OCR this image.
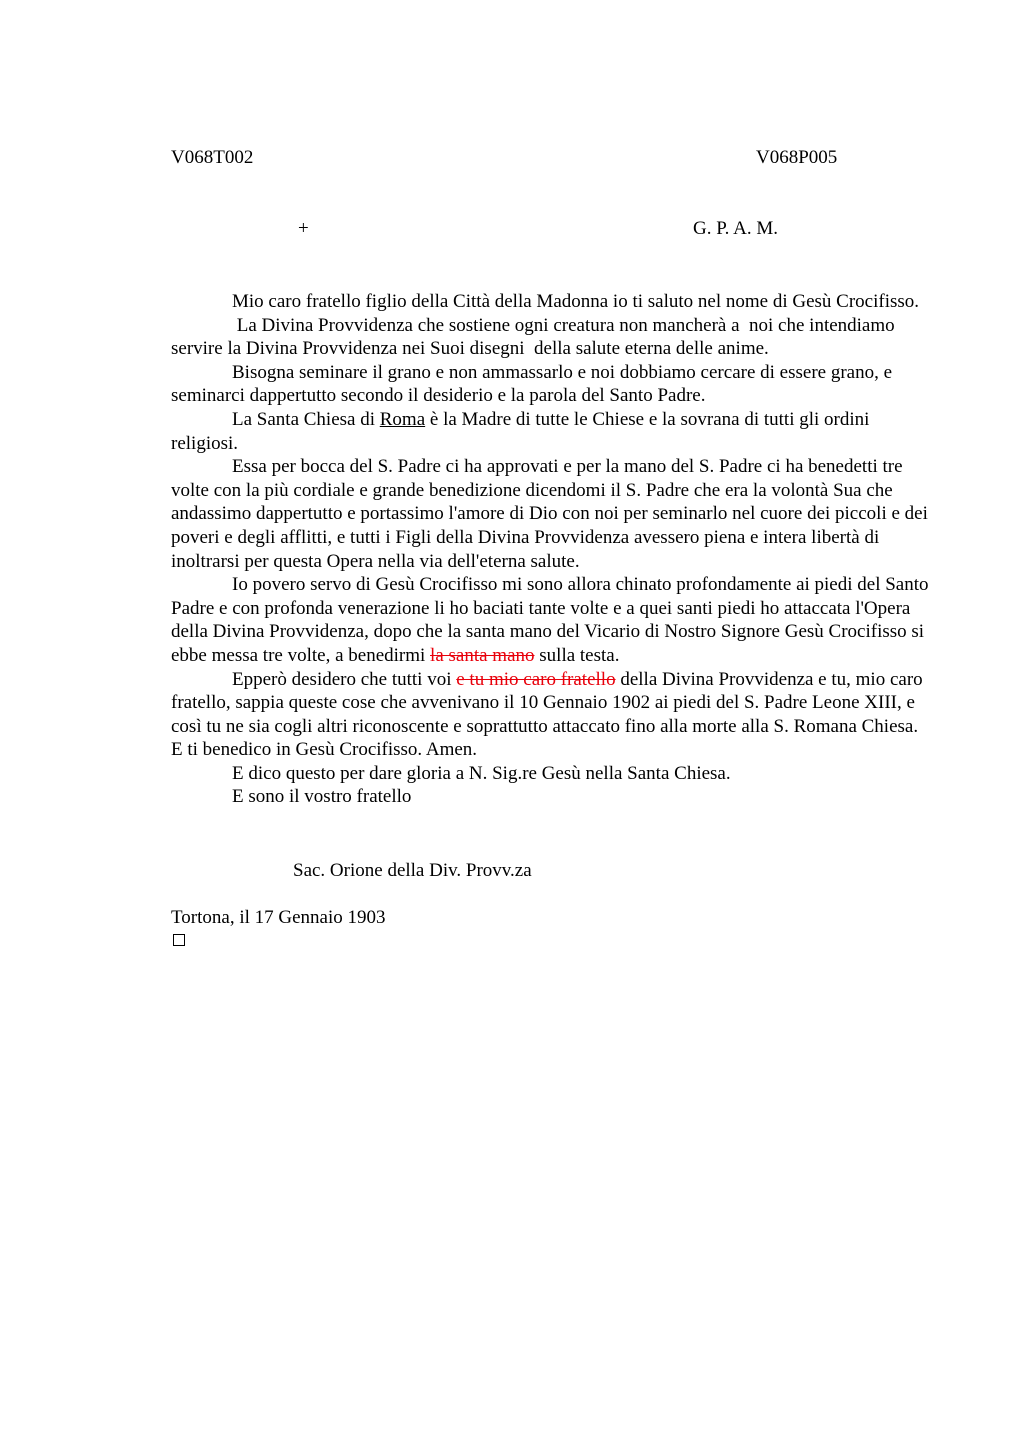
V068T002	V068P005
+	G. P. A. M.

Mio caro fratello figlio della Città della Madonna io ti saluto nel nome di Gesù Crocifisso.

La Divina Provvidenza che sostiene ogni creatura non mancherà a  noi che intendiamo servire la Divina Provvidenza nei Suoi disegni  della salute eterna delle anime.

Bisogna seminare il grano e non ammassarlo e noi dobbiamo cercare di essere grano, e seminarci dappertutto secondo il desiderio e la parola del Santo Padre.

La Santa Chiesa di Roma è la Madre di tutte le Chiese e la sovrana di tutti gli ordini religiosi.

Essa per bocca del S. Padre ci ha approvati e per la mano del S. Padre ci ha benedetti tre volte con la più cordiale e grande benedizione dicendomi il S. Padre che era la volontà Sua che andassimo dappertutto e portassimo l'amore di Dio con noi per seminarlo nel cuore dei piccoli e dei poveri e degli afflitti, e tutti i Figli della Divina Provvidenza avessero piena e intera libertà di inoltrarsi per questa Opera nella via dell'eterna salute.

Io povero servo di Gesù Crocifisso mi sono allora chinato profondamente ai piedi del Santo Padre e con profonda venerazione li ho baciati tante volte e a quei santi piedi ho attaccata l'Opera della Divina Provvidenza, dopo che la santa mano del Vicario di Nostro Signore Gesù Crocifisso si ebbe messa tre volte, a benedirmi la santa mano sulla testa.

Epperò desidero che tutti voi e tu mio caro fratello della Divina Provvidenza e tu, mio caro fratello, sappia queste cose che avvenivano il 10 Gennaio 1902 ai piedi del S. Padre Leone XIII, e così tu ne sia cogli altri riconoscente e soprattutto attaccato fino alla morte alla S. Romana Chiesa. E ti benedico in Gesù Crocifisso. Amen.

E dico questo per dare gloria a N. Sig.re Gesù nella Santa Chiesa.

E sono il vostro fratello

Sac. Orione della Div. Provv.za
Tortona, il 17 Gennaio 1903
